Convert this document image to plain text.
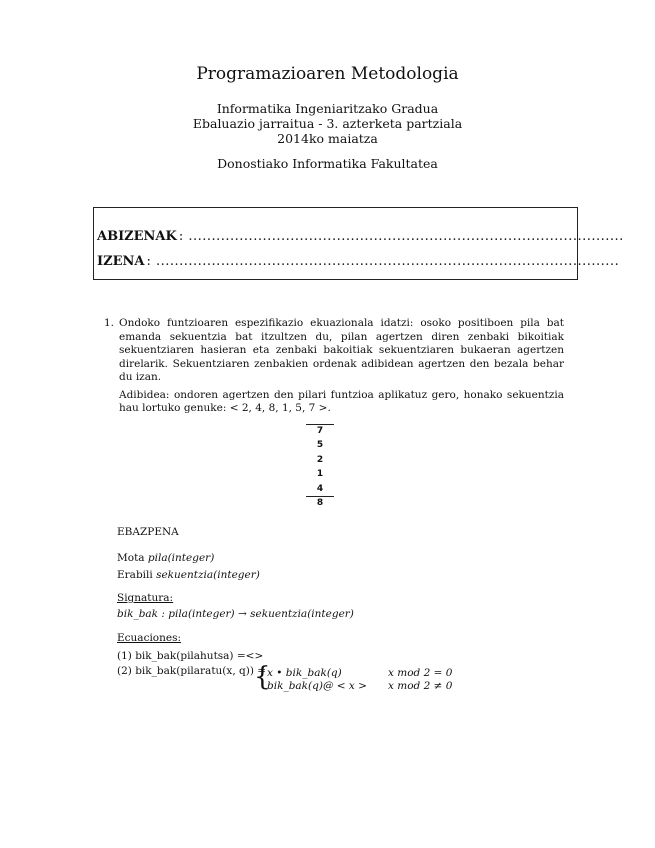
Programazioaren Metodologia
Informatika Ingeniaritzako Gradua
Ebaluazio jarraitua - 3. azterketa partziala
2014ko maiatza
Donostiako Informatika Fakultatea
ABIZENAK : ..............................................................................................
IZENA : ....................................................................................................
1. Ondoko funtzioaren espezifikazio ekuazionala idatzi: osoko positiboen pila bat emanda sekuentzia bat itzultzen du, pilan agertzen diren zenbaki bikoitiak sekuentziaren hasieran eta zenbaki bakoitiak sekuentziaren bukaeran agertzen direlarik. Sekuentziaren zenbakien ordenak adibidean agertzen den bezala behar du izan.
Adibidea: ondoren agertzen den pilari funtzioa aplikatuz gero, honako sekuentzia hau lortuko genuke: < 2, 4, 8, 1, 5, 7 >.
7
5
2
1
4
8
EBAZPENA
Mota pila(integer)
Erabili sekuentzia(integer)
Signatura:
bik_bak : pila(integer) → sekuentzia(integer)
Ecuaciones:
(1) bik_bak(pilahutsa) =<>
(2) bik_bak(pilaratu(x, q)) =
{
x • bik_bak(q)	x mod 2 = 0
bik_bak(q)@ < x > x mod 2 ≠ 0
